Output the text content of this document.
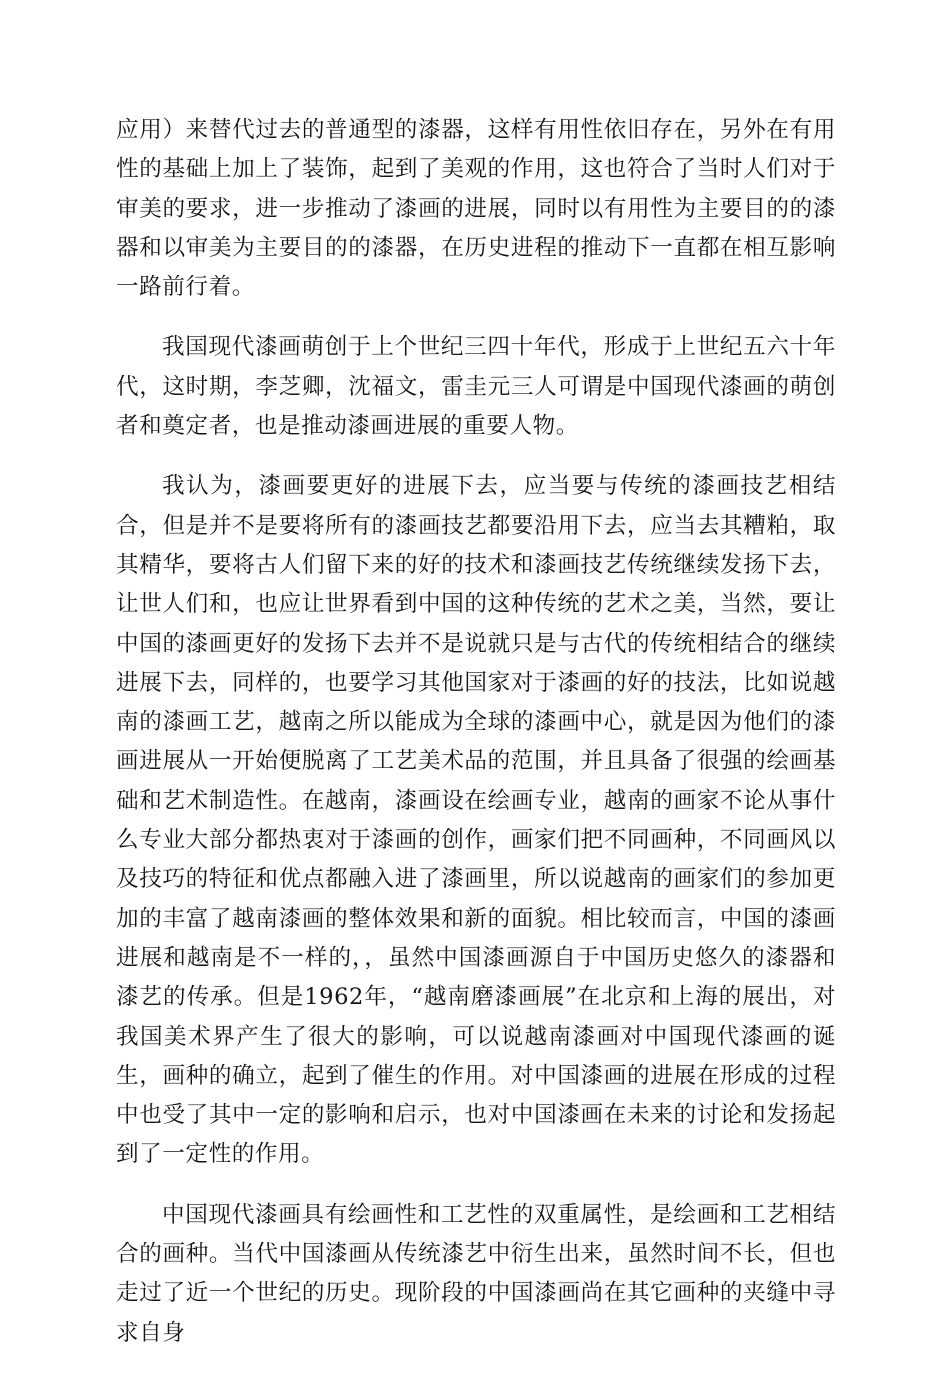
应用）来替代过去的普通型的漆器，这样有用性依旧存在，另外在有用性的基础上加上了装饰，起到了美观的作用，这也符合了当时人们对于审美的要求，进一步推动了漆画的进展，同时以有用性为主要目的的漆器和以审美为主要目的的漆器，在历史进程的推动下一直都在相互影响一路前行着。

我国现代漆画萌创于上个世纪三四十年代，形成于上世纪五六十年代，这时期，李芝卿，沈福文，雷圭元三人可谓是中国现代漆画的萌创者和奠定者，也是推动漆画进展的重要人物。

我认为，漆画要更好的进展下去，应当要与传统的漆画技艺相结合，但是并不是要将所有的漆画技艺都要沿用下去，应当去其糟粕，取其精华，要将古人们留下来的好的技术和漆画技艺传统继续发扬下去，让世人们和，也应让世界看到中国的这种传统的艺术之美，当然，要让中国的漆画更好的发扬下去并不是说就只是与古代的传统相结合的继续进展下去，同样的，也要学习其他国家对于漆画的好的技法，比如说越南的漆画工艺，越南之所以能成为全球的漆画中心，就是因为他们的漆画进展从一开始便脱离了工艺美术品的范围，并且具备了很强的绘画基础和艺术制造性。在越南，漆画设在绘画专业，越南的画家不论从事什么专业大部分都热衷对于漆画的创作，画家们把不同画种，不同画风以及技巧的特征和优点都融入进了漆画里，所以说越南的画家们的参加更加的丰富了越南漆画的整体效果和新的面貌。相比较而言，中国的漆画进展和越南是不一样的，，虽然中国漆画源自于中国历史悠久的漆器和漆艺的传承。但是1962年，“越南磨漆画展”在北京和上海的展出，对我国美术界产生了很大的影响，可以说越南漆画对中国现代漆画的诞生，画种的确立，起到了催生的作用。对中国漆画的进展在形成的过程中也受了其中一定的影响和启示，也对中国漆画在未来的讨论和发扬起到了一定性的作用。

中国现代漆画具有绘画性和工艺性的双重属性，是绘画和工艺相结合的画种。当代中国漆画从传统漆艺中衍生出来，虽然时间不长，但也走过了近一个世纪的历史。现阶段的中国漆画尚在其它画种的夹缝中寻求自身
